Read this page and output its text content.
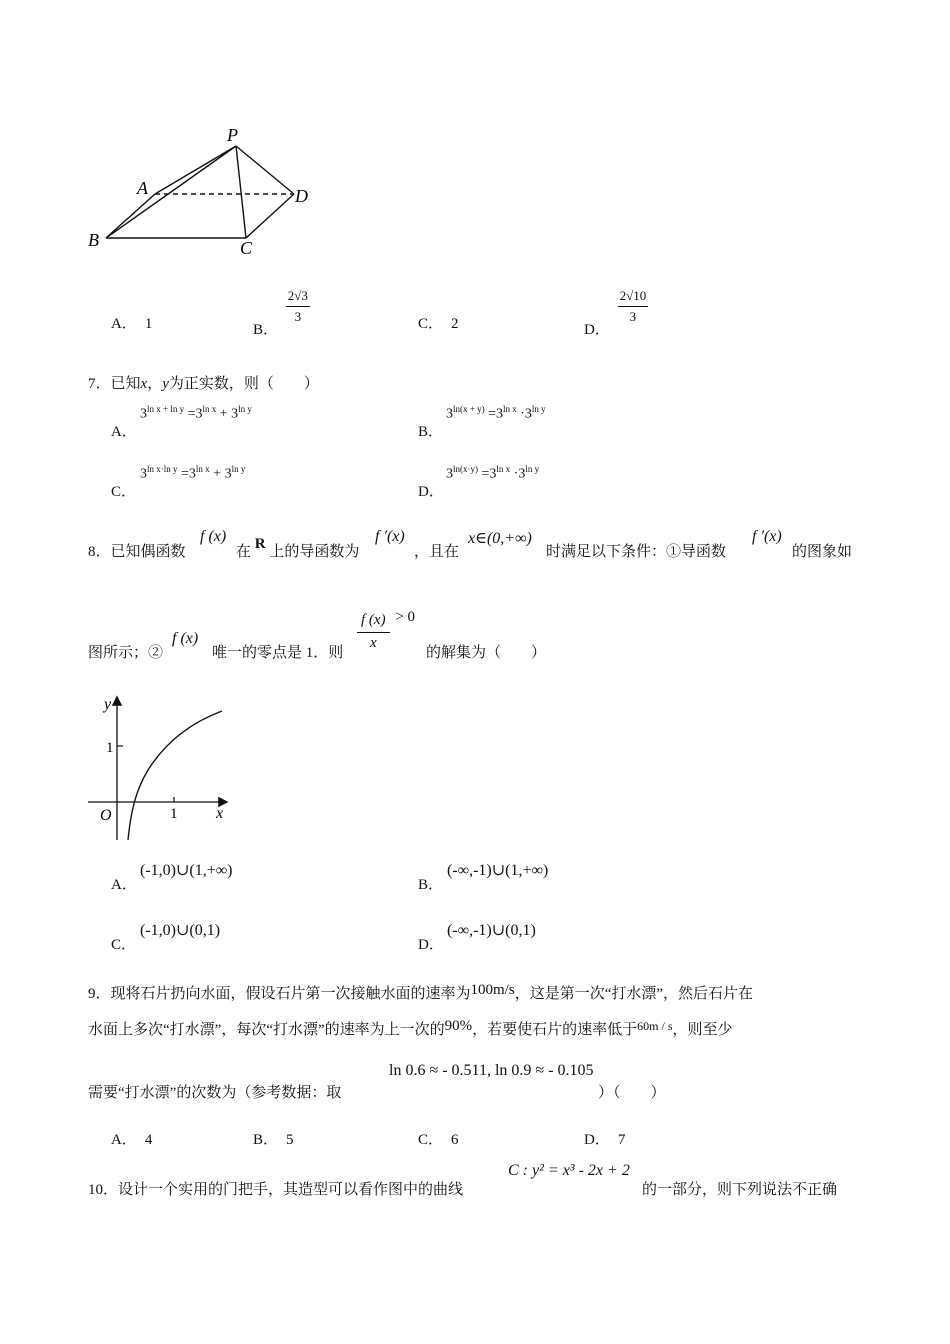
P
A
B	C
D
A． 1	B．
$\frac{2√3}{3}$	C． 2	D．
$\frac{2√10}{3}$
7．已知x，y为正实数，则（　　）
A．
$3^{ln x + ln y} =3^{ln x} + 3^{ln y}$
B．
$3^{ln(x + y)} =3^{ln x} \cdot 3^{ln y}$
C．
$3^{ln x\cdot ln y} =3^{ln x} + 3^{ln y}$
D．
$3^{ln(x\cdot y)} =3^{ln x} \cdot 3^{ln y}$
8．已知偶函数
f (x)
在 R 上的导函数为
f ′(x)
，且在
x∈(0,+∞)
时满足以下条件：①导函数
f ′(x)
的图象如
图所示；②
f (x)
唯一的零点是 1．则
$\frac{f (x)}{x} > 0$
的解集为（　　）
y
x
O
1
1
A．
(-1,0)∪(1,+∞)
B．
(-∞,-1)∪(1,+∞)
C．
(-1,0)∪(0,1)
D．
(-∞,-1)∪(0,1)
9．现将石片扔向水面，假设石片第一次接触水面的速率为100m/s，这是第一次“打水漂”，然后石片在
水面上多次“打水漂”，每次“打水漂”的速率为上一次的90%，若要使石片的速率低于$^{60m / s}$，则至少
需要“打水漂”的次数为（参考数据：取
ln 0.6 ≈ - 0.511, ln 0.9 ≈ - 0.105
）（　　）
A． 4	B． 5	C． 6	D． 7
10．设计一个实用的门把手，其造型可以看作图中的曲线
C : y² = x³ - 2x + 2
的一部分，则下列说法不正确
